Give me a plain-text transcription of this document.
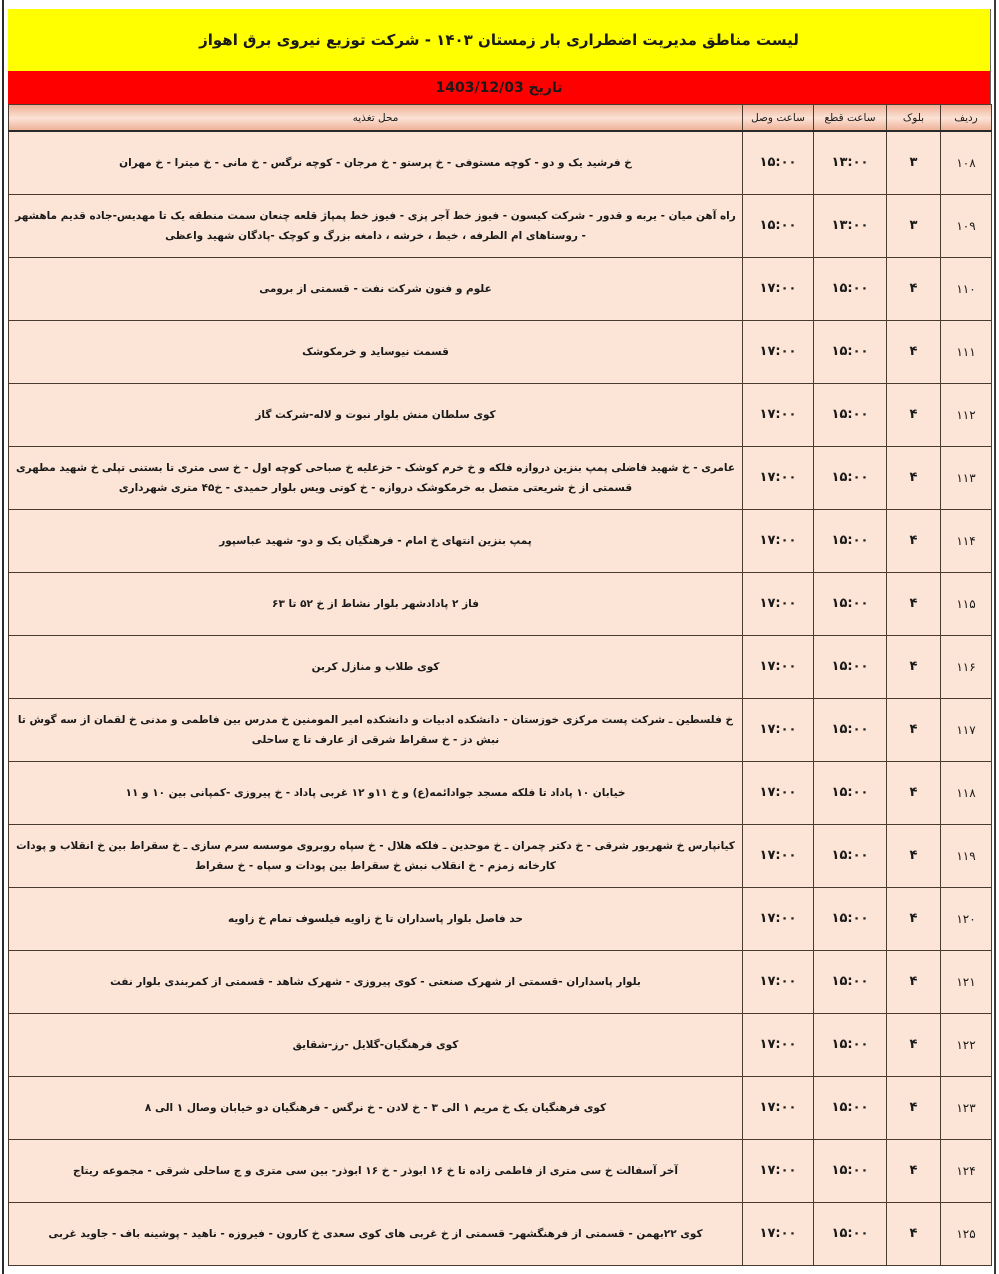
لیست مناطق مدیریت اضطراری بار زمستان ۱۴۰۳ - شرکت توزیع نیروی برق اهواز
تاریخ 1403/12/03
ردیف	بلوک	ساعت قطع	ساعت وصل	محل تغذیه
۱۰۸	۳	۱۳:۰۰	۱۵:۰۰	خ فرشید یک و دو - کوچه مستوفی - خ پرستو - خ مرجان - کوچه نرگس - خ مانی - خ میترا - خ مهران
۱۰۹	۳	۱۳:۰۰	۱۵:۰۰	راه آهن میان - یربه و قدور - شرکت کیسون - فیوز خط آجر پزی - فیوز خط پمپاژ قلعه چنعان سمت منطقه یک تا مهدیس-جاده قدیم ماهشهر - روستاهای ام الطرفه ، خیط ، خرشه ، دامغه بزرگ و کوچک -پادگان شهید واعظی
۱۱۰	۴	۱۵:۰۰	۱۷:۰۰	علوم و فنون شرکت نفت - قسمتی از برومی
۱۱۱	۴	۱۵:۰۰	۱۷:۰۰	قسمت نیوساید و خرمکوشک
۱۱۲	۴	۱۵:۰۰	۱۷:۰۰	کوی سلطان منش بلوار نبوت و لاله-شرکت گاز
۱۱۳	۴	۱۵:۰۰	۱۷:۰۰	عامری - خ شهید فاضلی پمپ بنزین دروازه فلکه و خ خرم کوشک - خزعلیه خ صباحی کوچه اول - خ سی متری تا بستنی تپلی خ شهید مطهری قسمتی از خ شریعتی متصل به خرمکوشک دروازه - خ کوتی ویس بلوار حمیدی - خ۴۵ متری شهرداری
۱۱۴	۴	۱۵:۰۰	۱۷:۰۰	پمپ بنزین انتهای خ امام - فرهنگیان یک و دو- شهید عباسپور
۱۱۵	۴	۱۵:۰۰	۱۷:۰۰	فاز ۲ پادادشهر بلوار نشاط از خ ۵۲ تا ۶۳
۱۱۶	۴	۱۵:۰۰	۱۷:۰۰	کوی طلاب و منازل کربن
۱۱۷	۴	۱۵:۰۰	۱۷:۰۰	خ فلسطین ـ شرکت پست مرکزی خوزستان - دانشکده ادبیات و دانشکده امیر المومنین خ مدرس بین فاطمی و مدنی خ لقمان از سه گوش تا نبش دز - خ سقراط شرقی از عارف تا ج ساحلی
۱۱۸	۴	۱۵:۰۰	۱۷:۰۰	خیابان ۱۰ پاداد تا فلکه مسجد جوادائمه(ع) و خ ۱۱و ۱۲ غربی پاداد - خ پیروزی -کمپانی بین ۱۰ و ۱۱
۱۱۹	۴	۱۵:۰۰	۱۷:۰۰	کیانپارس خ شهریور شرقی - خ دکتر چمران ـ خ موحدین ـ فلکه هلال - خ سپاه روبروی موسسه سرم سازی ـ خ سقراط بین خ انقلاب و پودات کارخانه زمزم - خ انقلاب نبش خ سقراط بین پودات و سپاه - خ سقراط
۱۲۰	۴	۱۵:۰۰	۱۷:۰۰	حد فاصل بلوار پاسداران تا خ زاویه فیلسوف تمام خ زاویه
۱۲۱	۴	۱۵:۰۰	۱۷:۰۰	بلوار پاسداران -قسمتی از شهرک صنعتی - کوی پیروزی - شهرک شاهد - قسمتی از کمربندی بلوار نفت
۱۲۲	۴	۱۵:۰۰	۱۷:۰۰	کوی فرهنگیان-گلایل -رز-شقایق
۱۲۳	۴	۱۵:۰۰	۱۷:۰۰	کوی فرهنگیان یک خ مریم ۱ الی ۳ - خ لادن - خ نرگس - فرهنگیان دو خیابان وصال ۱ الی ۸
۱۲۴	۴	۱۵:۰۰	۱۷:۰۰	آخر آسفالت خ سی متری از فاطمی زاده تا خ ۱۶ ابوذر - خ ۱۶ ابوذر- بین سی متری و ج ساحلی شرقی - مجموعه ریتاج
۱۲۵	۴	۱۵:۰۰	۱۷:۰۰	کوی ۲۲بهمن - قسمتی از فرهنگشهر- قسمتی از خ غربی های کوی سعدی خ کارون - فیروزه - ناهید - پوشینه باف - جاوید غربی
